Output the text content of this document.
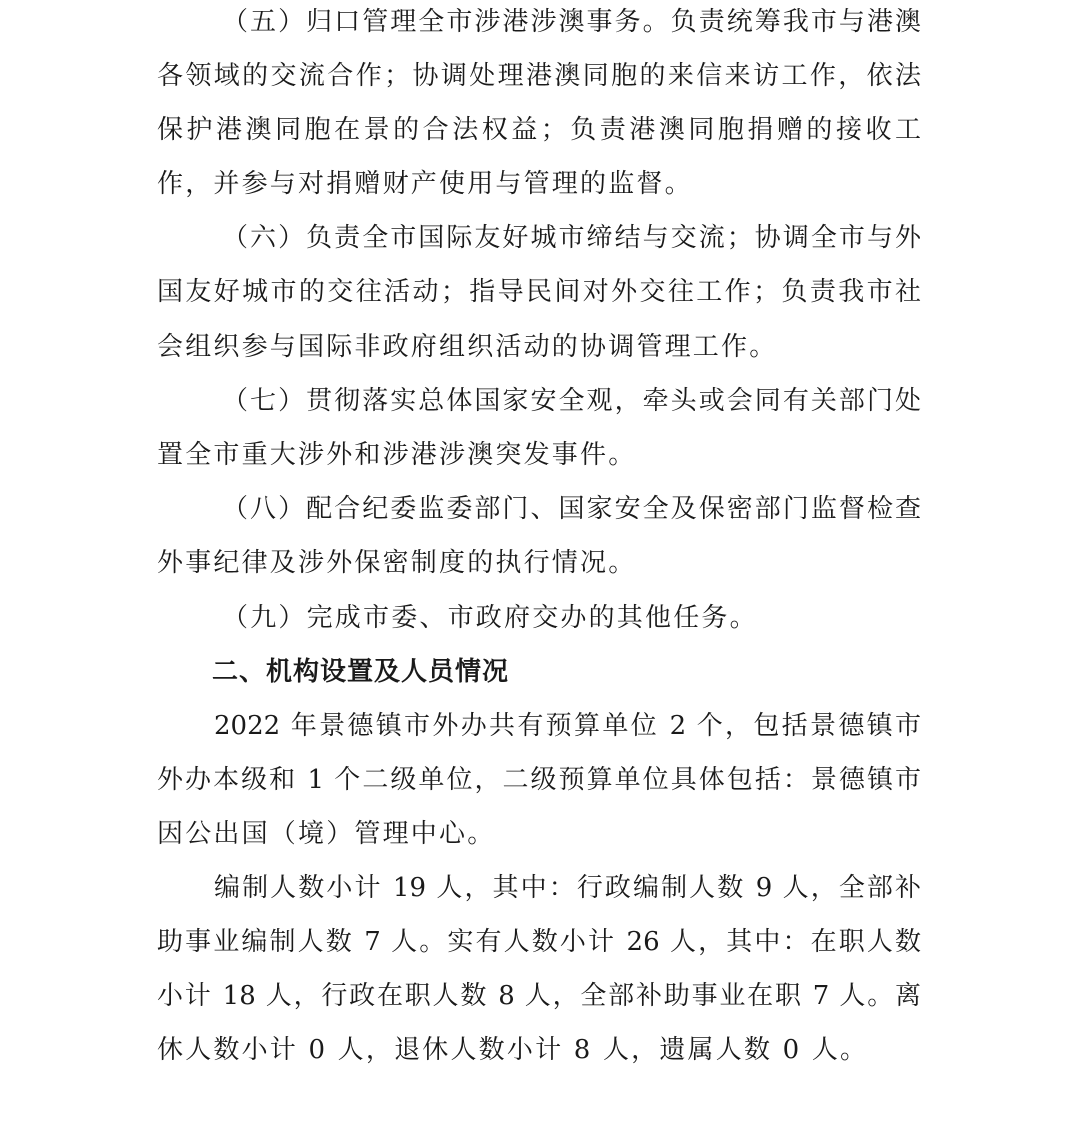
（五）归口管理全市涉港涉澳事务。负责统筹我市与港澳
各领域的交流合作；协调处理港澳同胞的来信来访工作，依法
保护港澳同胞在景的合法权益；负责港澳同胞捐赠的接收工
作，并参与对捐赠财产使用与管理的监督。
（六）负责全市国际友好城市缔结与交流；协调全市与外
国友好城市的交往活动；指导民间对外交往工作；负责我市社
会组织参与国际非政府组织活动的协调管理工作。
（七）贯彻落实总体国家安全观，牵头或会同有关部门处
置全市重大涉外和涉港涉澳突发事件。
（八）配合纪委监委部门、国家安全及保密部门监督检查
外事纪律及涉外保密制度的执行情况。
（九）完成市委、市政府交办的其他任务。
二、机构设置及人员情况
2022 年景德镇市外办共有预算单位 2 个，包括景德镇市
外办本级和 1 个二级单位，二级预算单位具体包括：景德镇市
因公出国（境）管理中心。
编制人数小计 19 人，其中：行政编制人数 9 人，全部补
助事业编制人数 7 人。实有人数小计 26 人，其中：在职人数
小计 18 人，行政在职人数 8 人，全部补助事业在职 7 人。离
休人数小计 0 人，退休人数小计 8 人，遗属人数 0 人。
